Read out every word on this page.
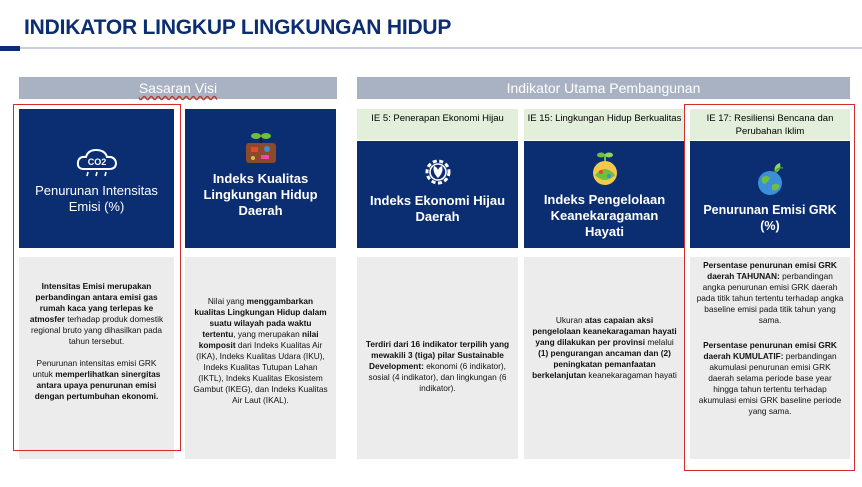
INDIKATOR LINGKUP LINGKUNGAN HIDUP
Sasaran Visi	Indikator Utama Pembangunan
IE 5: Penerapan Ekonomi Hijau	IE 15: Lingkungan Hidup Berkualitas	IE 17: Resiliensi Bencana dan Perubahan Iklim
CO2
Penurunan Intensitas Emisi (%)
Indeks Kualitas Lingkungan Hidup Daerah
Indeks Ekonomi Hijau Daerah
Indeks Pengelolaan Keanekaragaman Hayati
Penurunan Emisi GRK (%)

Intensitas Emisi merupakan perbandingan antara emisi gas rumah kaca yang terlepas ke atmosfer terhadap produk domestik regional bruto yang dihasilkan pada tahun tersebut.

Penurunan intensitas emisi GRK untuk memperlihatkan sinergitas antara upaya penurunan emisi dengan pertumbuhan ekonomi.

Nilai yang menggambarkan kualitas Lingkungan Hidup dalam suatu wilayah pada waktu tertentu, yang merupakan nilai komposit dari Indeks Kualitas Air (IKA), Indeks Kualitas Udara (IKU), Indeks Kualitas Tutupan Lahan (IKTL), Indeks Kualitas Ekosistem Gambut (IKEG), dan Indeks Kualitas Air Laut (IKAL).

Terdiri dari 16 indikator terpilih yang mewakili 3 (tiga) pilar Sustainable Development: ekonomi (6 indikator), sosial (4 indikator), dan lingkungan (6 indikator).

Ukuran atas capaian aksi pengelolaan keanekaragaman hayati yang dilakukan per provinsi melalui (1) pengurangan ancaman dan (2) peningkatan pemanfaatan berkelanjutan keanekaragaman hayati

Persentase penurunan emisi GRK daerah TAHUNAN: perbandingan angka penurunan emisi GRK daerah pada titik tahun tertentu terhadap angka baseline emisi pada titik tahun yang sama.

Persentase penurunan emisi GRK daerah KUMULATIF: perbandingan akumulasi penurunan emisi GRK daerah selama periode base year hingga tahun tertentu terhadap akumulasi emisi GRK baseline periode yang sama.
